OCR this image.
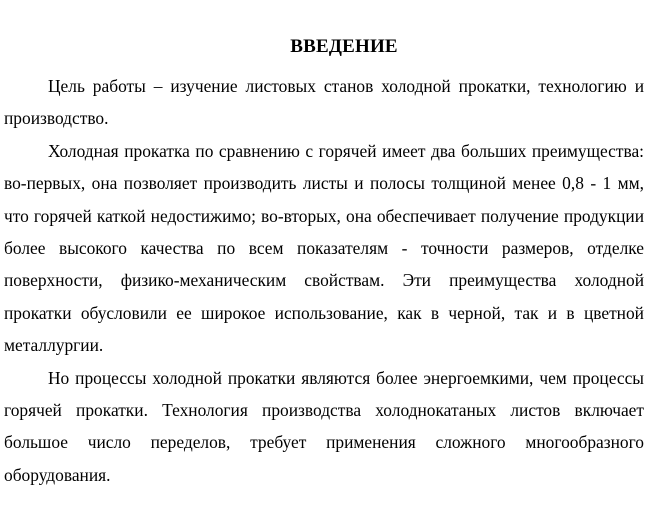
ВВЕДЕНИЕ

Цель работы – изучение листовых станов холодной прокатки, технологию и производство.

Холодная прокатка по сравнению с горячей имеет два больших преимущества: во-первых, она позволяет производить листы и полосы толщиной менее 0,8 - 1 мм, что горячей каткой недостижимо; во-вторых, она обеспечивает получение продукции более высокого качества по всем показателям - точности размеров, отделке поверхности, физико-механическим свойствам. Эти преимущества холодной прокатки обусловили ее широкое использование, как в черной, так и в цветной металлургии.

Но процессы холодной прокатки являются более энергоемкими, чем процессы горячей прокатки. Технология производства холоднокатаных листов включает большое число переделов, требует применения сложного многообразного оборудования.
